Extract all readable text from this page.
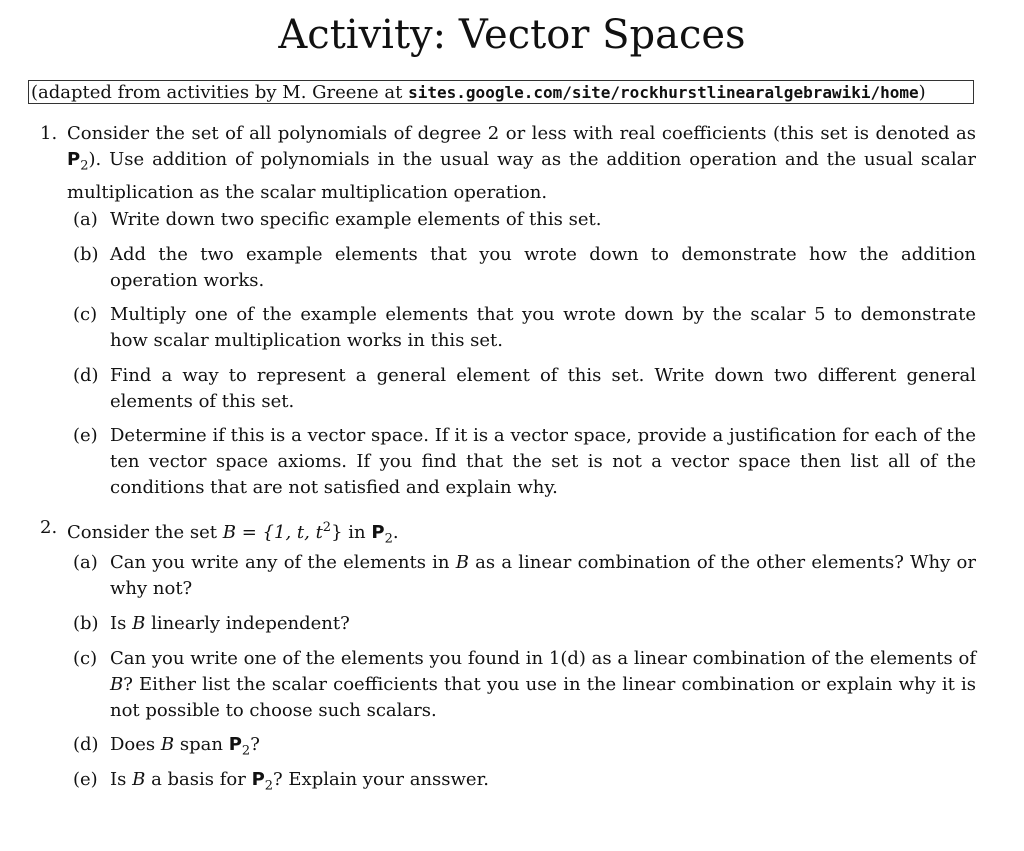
Activity: Vector Spaces
(adapted from activities by M. Greene at sites.google.com/site/rockhurstlinearalgebrawiki/home)
1. Consider the set of all polynomials of degree 2 or less with real coefficients (this set is denoted as $P_2$). Use addition of polynomials in the usual way as the addition operation and the usual scalar multiplication as the scalar multiplication operation.
(a) Write down two specific example elements of this set.
(b) Add the two example elements that you wrote down to demonstrate how the addition operation works.
(c) Multiply one of the example elements that you wrote down by the scalar 5 to demonstrate how scalar multiplication works in this set.
(d) Find a way to represent a general element of this set. Write down two different general elements of this set.
(e) Determine if this is a vector space. If it is a vector space, provide a justification for each of the ten vector space axioms. If you find that the set is not a vector space then list all of the conditions that are not satisfied and explain why.
2. Consider the set B = {1, t, $t^2$} in $P_2$.
(a) Can you write any of the elements in B as a linear combination of the other elements? Why or why not?
(b) Is B linearly independent?
(c) Can you write one of the elements you found in 1(d) as a linear combination of the elements of B? Either list the scalar coefficients that you use in the linear combination or explain why it is not possible to choose such scalars.
(d) Does B span $P_2$?
(e) Is B a basis for $P_2$? Explain your ansswer.
